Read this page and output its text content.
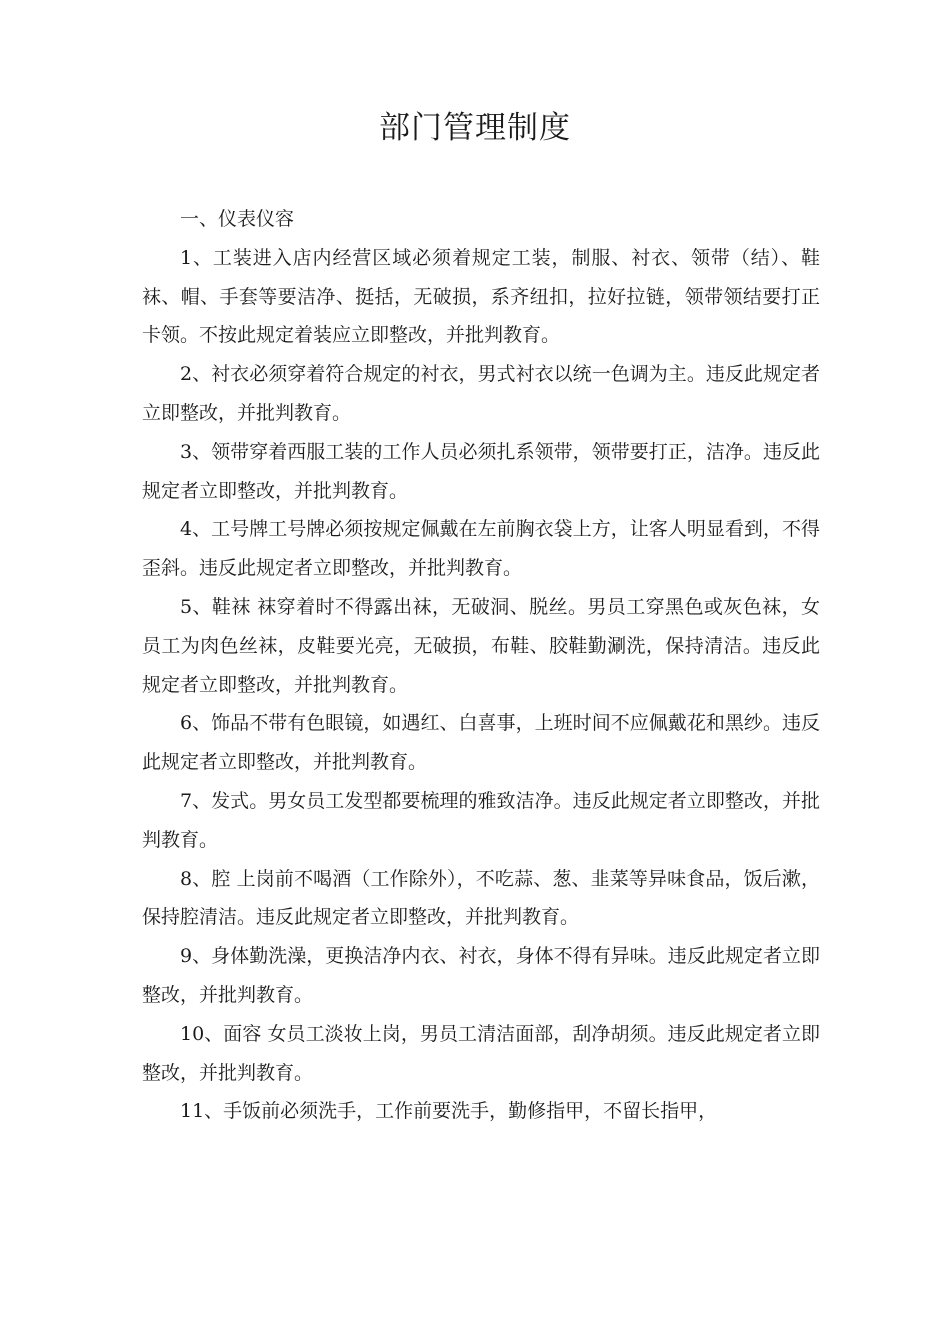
部门管理制度

一、仪表仪容

1、工装进入店内经营区域必须着规定工装，制服、衬衣、领带（结）、鞋袜、帽、手套等要洁净、挺括，无破损，系齐纽扣，拉好拉链，领带领结要打正卡领。不按此规定着装应立即整改，并批判教育。

2、衬衣必须穿着符合规定的衬衣，男式衬衣以统一色调为主。违反此规定者立即整改，并批判教育。

3、领带穿着西服工装的工作人员必须扎系领带，领带要打正，洁净。违反此规定者立即整改，并批判教育。

4、工号牌工号牌必须按规定佩戴在左前胸衣袋上方，让客人明显看到，不得歪斜。违反此规定者立即整改，并批判教育。

5、鞋袜 袜穿着时不得露出袜，无破洞、脱丝。男员工穿黑色或灰色袜，女员工为肉色丝袜，皮鞋要光亮，无破损，布鞋、胶鞋勤涮洗，保持清洁。违反此规定者立即整改，并批判教育。

6、饰品不带有色眼镜，如遇红、白喜事，上班时间不应佩戴花和黑纱。违反此规定者立即整改，并批判教育。

7、发式。男女员工发型都要梳理的雅致洁净。违反此规定者立即整改，并批判教育。

8、腔 上岗前不喝酒（工作除外），不吃蒜、葱、韭菜等异味食品，饭后漱，保持腔清洁。违反此规定者立即整改，并批判教育。

9、身体勤洗澡，更换洁净内衣、衬衣，身体不得有异味。违反此规定者立即整改，并批判教育。

10、面容 女员工淡妆上岗，男员工清洁面部，刮净胡须。违反此规定者立即整改，并批判教育。

11、手饭前必须洗手，工作前要洗手，勤修指甲，不留长指甲，
